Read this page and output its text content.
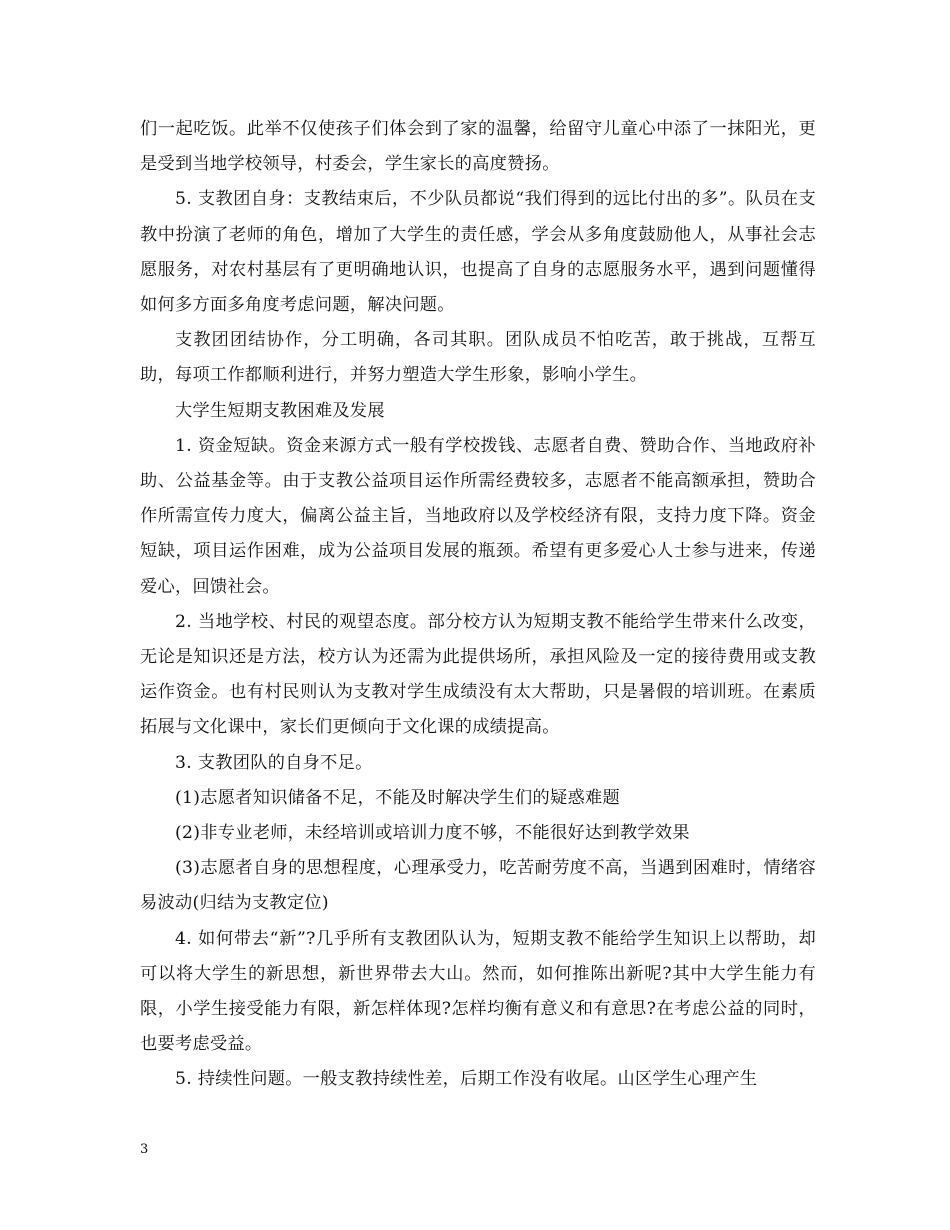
们一起吃饭。此举不仅使孩子们体会到了家的温馨，给留守儿童心中添了一抹阳光，更是受到当地学校领导，村委会，学生家长的高度赞扬。

5. 支教团自身：支教结束后，不少队员都说“我们得到的远比付出的多”。队员在支教中扮演了老师的角色，增加了大学生的责任感，学会从多角度鼓励他人，从事社会志愿服务，对农村基层有了更明确地认识，也提高了自身的志愿服务水平，遇到问题懂得如何多方面多角度考虑问题，解决问题。

支教团团结协作，分工明确，各司其职。团队成员不怕吃苦，敢于挑战，互帮互助，每项工作都顺利进行，并努力塑造大学生形象，影响小学生。

大学生短期支教困难及发展

1. 资金短缺。资金来源方式一般有学校拨钱、志愿者自费、赞助合作、当地政府补助、公益基金等。由于支教公益项目运作所需经费较多，志愿者不能高额承担，赞助合作所需宣传力度大，偏离公益主旨，当地政府以及学校经济有限，支持力度下降。资金短缺，项目运作困难，成为公益项目发展的瓶颈。希望有更多爱心人士参与进来，传递爱心，回馈社会。

2. 当地学校、村民的观望态度。部分校方认为短期支教不能给学生带来什么改变，无论是知识还是方法，校方认为还需为此提供场所，承担风险及一定的接待费用或支教运作资金。也有村民则认为支教对学生成绩没有太大帮助，只是暑假的培训班。在素质拓展与文化课中，家长们更倾向于文化课的成绩提高。

3. 支教团队的自身不足。

(1)志愿者知识储备不足，不能及时解决学生们的疑惑难题

(2)非专业老师，未经培训或培训力度不够，不能很好达到教学效果

(3)志愿者自身的思想程度，心理承受力，吃苦耐劳度不高，当遇到困难时，情绪容易波动(归结为支教定位)

4. 如何带去“新”?几乎所有支教团队认为，短期支教不能给学生知识上以帮助，却可以将大学生的新思想，新世界带去大山。然而，如何推陈出新呢?其中大学生能力有限，小学生接受能力有限，新怎样体现?怎样均衡有意义和有意思?在考虑公益的同时，也要考虑受益。

5. 持续性问题。一般支教持续性差，后期工作没有收尾。山区学生心理产生

3
